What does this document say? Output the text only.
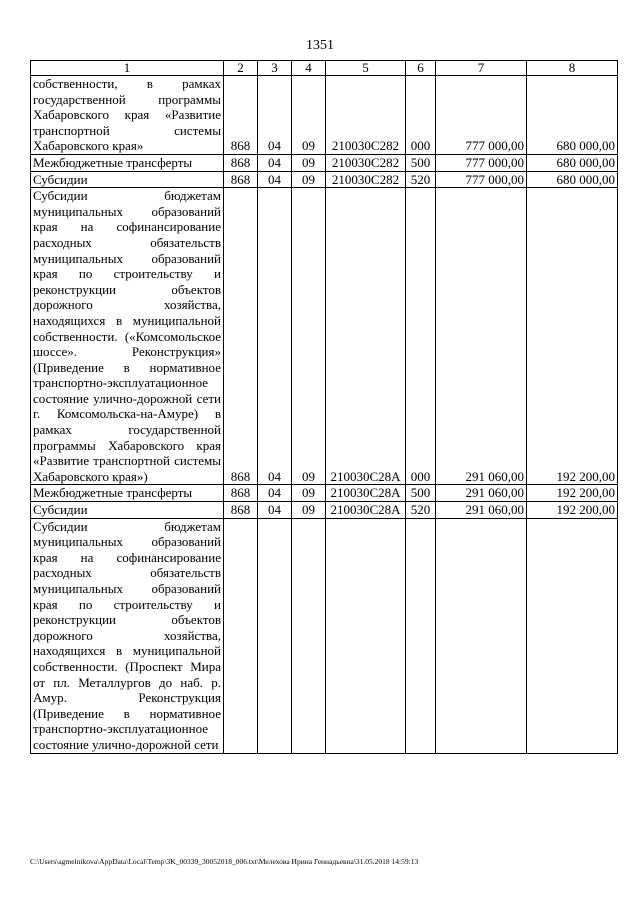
1351
1	2	3	4	5	6	7	8
собственности, в рамках государственной программы Хабаровского края «Развитие транспортной системы Хабаровского края»	868	04	09	210030С282	000	777 000,00	680 000,00
Межбюджетные трансферты	868	04	09	210030С282	500	777 000,00	680 000,00
Субсидии	868	04	09	210030С282	520	777 000,00	680 000,00
Субсидии бюджетам муниципальных образований края на софинансирование расходных обязательств муниципальных образований края по строительству и реконструкции объектов дорожного хозяйства, находящихся в муниципальной собственности. («Комсомольское шоссе». Реконструкция» (Приведение в нормативное транспортно-эксплуатационное состояние улично-дорожной сети г. Комсомольска-на-Амуре) в рамках государственной программы Хабаровского края «Развитие транспортной системы Хабаровского края»)	868	04	09	210030С28А	000	291 060,00	192 200,00
Межбюджетные трансферты	868	04	09	210030С28А	500	291 060,00	192 200,00
Субсидии	868	04	09	210030С28А	520	291 060,00	192 200,00
Субсидии бюджетам муниципальных образований края на софинансирование расходных обязательств муниципальных образований края по строительству и реконструкции объектов дорожного хозяйства, находящихся в муниципальной собственности. (Проспект Мира от пл. Металлургов до наб. р. Амур. Реконструкция (Приведение в нормативное транспортно-эксплуатационное состояние улично-дорожной сети							
C:\Users\agmelnikova\AppData\Local\Temp\3K_00339_30052018_006.txt\Мелехова Ирина Геннадьевна\31.05.2018 14:59:13
